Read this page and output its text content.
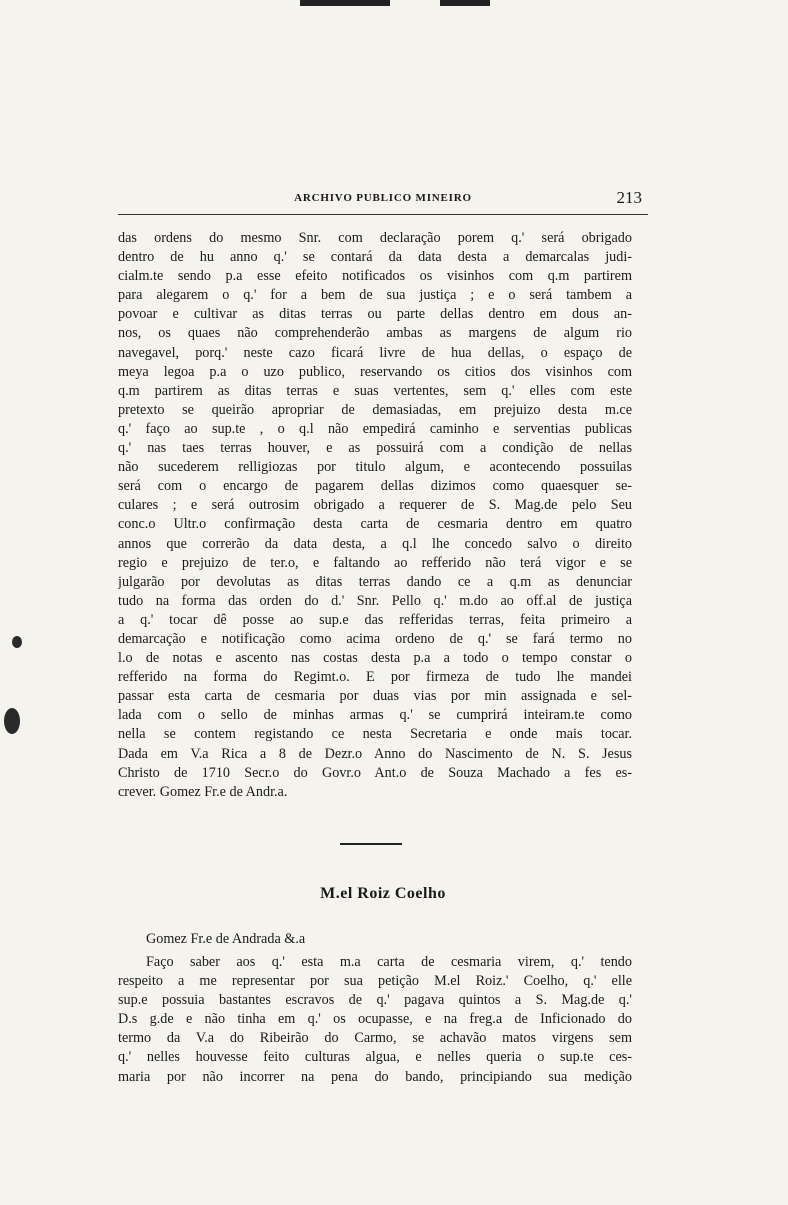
ARCHIVO PUBLICO MINEIRO	213
das ordens do mesmo Snr. com declaração porem q.' será obrigado
dentro de hu anno q.' se contará da data desta a demarcalas judi-
cialm.te sendo p.a esse efeito notificados os visinhos com q.m partirem
para alegarem o q.' for a bem de sua justiça ; e o será tambem a
povoar e cultivar as ditas terras ou parte dellas dentro em dous an-
nos, os quaes não comprehenderão ambas as margens de algum rio
navegavel, porq.' neste cazo ficará livre de hua dellas, o espaço de
meya legoa p.a o uzo publico, reservando os citios dos visinhos com
q.m partirem as ditas terras e suas vertentes, sem q.' elles com este
pretexto se queirão apropriar de demasiadas, em prejuizo desta m.ce
q.' faço ao sup.te , o q.l não empedirá caminho e serventias publicas
q.' nas taes terras houver, e as possuirá com a condição de nellas
não sucederem relligiozas por titulo algum, e acontecendo possuilas
será com o encargo de pagarem dellas dizimos como quaesquer se-
culares ; e será outrosim obrigado a requerer de S. Mag.de pelo Seu
conc.o Ultr.o confirmação desta carta de cesmaria dentro em quatro
annos que correrão da data desta, a q.l lhe concedo salvo o direito
regio e prejuizo de ter.o, e faltando ao refferido não terá vigor e se
julgarão por devolutas as ditas terras dando ce a q.m as denunciar
tudo na forma das orden do d.' Snr. Pello q.' m.do ao off.al de justiça
a q.' tocar dê posse ao sup.e das refferidas terras, feita primeiro a
demarcação e notificação como acima ordeno de q.' se fará termo no
l.o de notas e ascento nas costas desta p.a a todo o tempo constar o
refferido na forma do Regimt.o. E por firmeza de tudo lhe mandei
passar esta carta de cesmaria por duas vias por min assignada e sel-
lada com o sello de minhas armas q.' se cumprirá inteiram.te como
nella se contem registando ce nesta Secretaria e onde mais tocar.
Dada em V.a Rica a 8 de Dezr.o Anno do Nascimento de N. S. Jesus
Christo de 1710 Secr.o do Govr.o Ant.o de Souza Machado a fes es-
crever. Gomez Fr.e de Andr.a.
M.el Roiz Coelho
Gomez Fr.e de Andrada &.a
Faço saber aos q.' esta m.a carta de cesmaria virem, q.' tendo
respeito a me representar por sua petição M.el Roiz.' Coelho, q.' elle
sup.e possuia bastantes escravos de q.' pagava quintos a S. Mag.de q.'
D.s g.de e não tinha em q.' os ocupasse, e na freg.a de Inficionado do
termo da V.a do Ribeirão do Carmo, se achavão matos virgens sem
q.' nelles houvesse feito culturas algua, e nelles queria o sup.te ces-
maria por não incorrer na pena do bando, principiando sua medição
